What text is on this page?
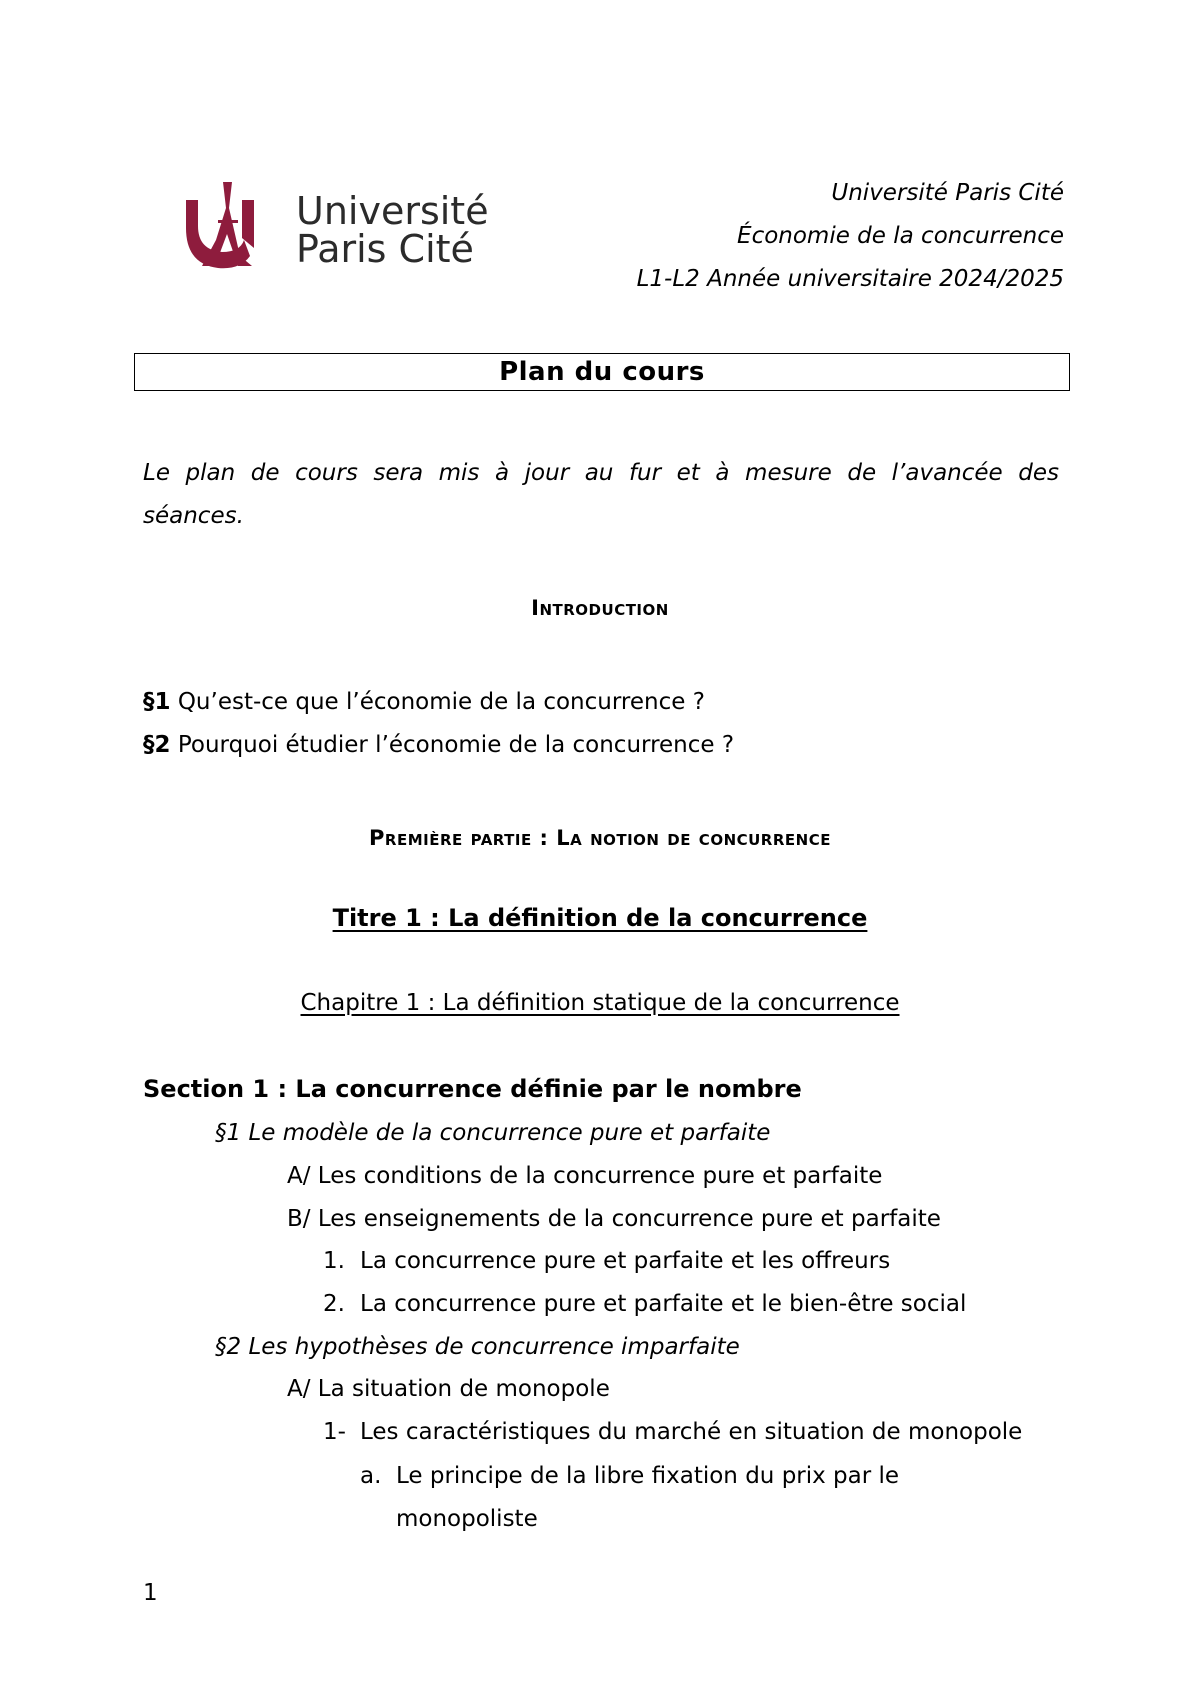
Université
Paris Cité
Université Paris Cité
Économie de la concurrence
L1-L2 Année universitaire 2024/2025
Plan du cours
Le plan de cours sera mis à jour au fur et à mesure de l’avancée des séances.
Introduction
§1 Qu’est-ce que l’économie de la concurrence ?
§2 Pourquoi étudier l’économie de la concurrence ?
Première partie : La notion de concurrence
Titre 1 : La définition de la concurrence
Chapitre 1 : La définition statique de la concurrence
Section 1 : La concurrence définie par le nombre
§1 Le modèle de la concurrence pure et parfaite
A/ Les conditions de la concurrence pure et parfaite
B/ Les enseignements de la concurrence pure et parfaite
1. La concurrence pure et parfaite et les offreurs
2. La concurrence pure et parfaite et le bien-être social
§2 Les hypothèses de concurrence imparfaite
A/ La situation de monopole
1- Les caractéristiques du marché en situation de monopole
a. Le principe de la libre fixation du prix par le
monopoliste
1
